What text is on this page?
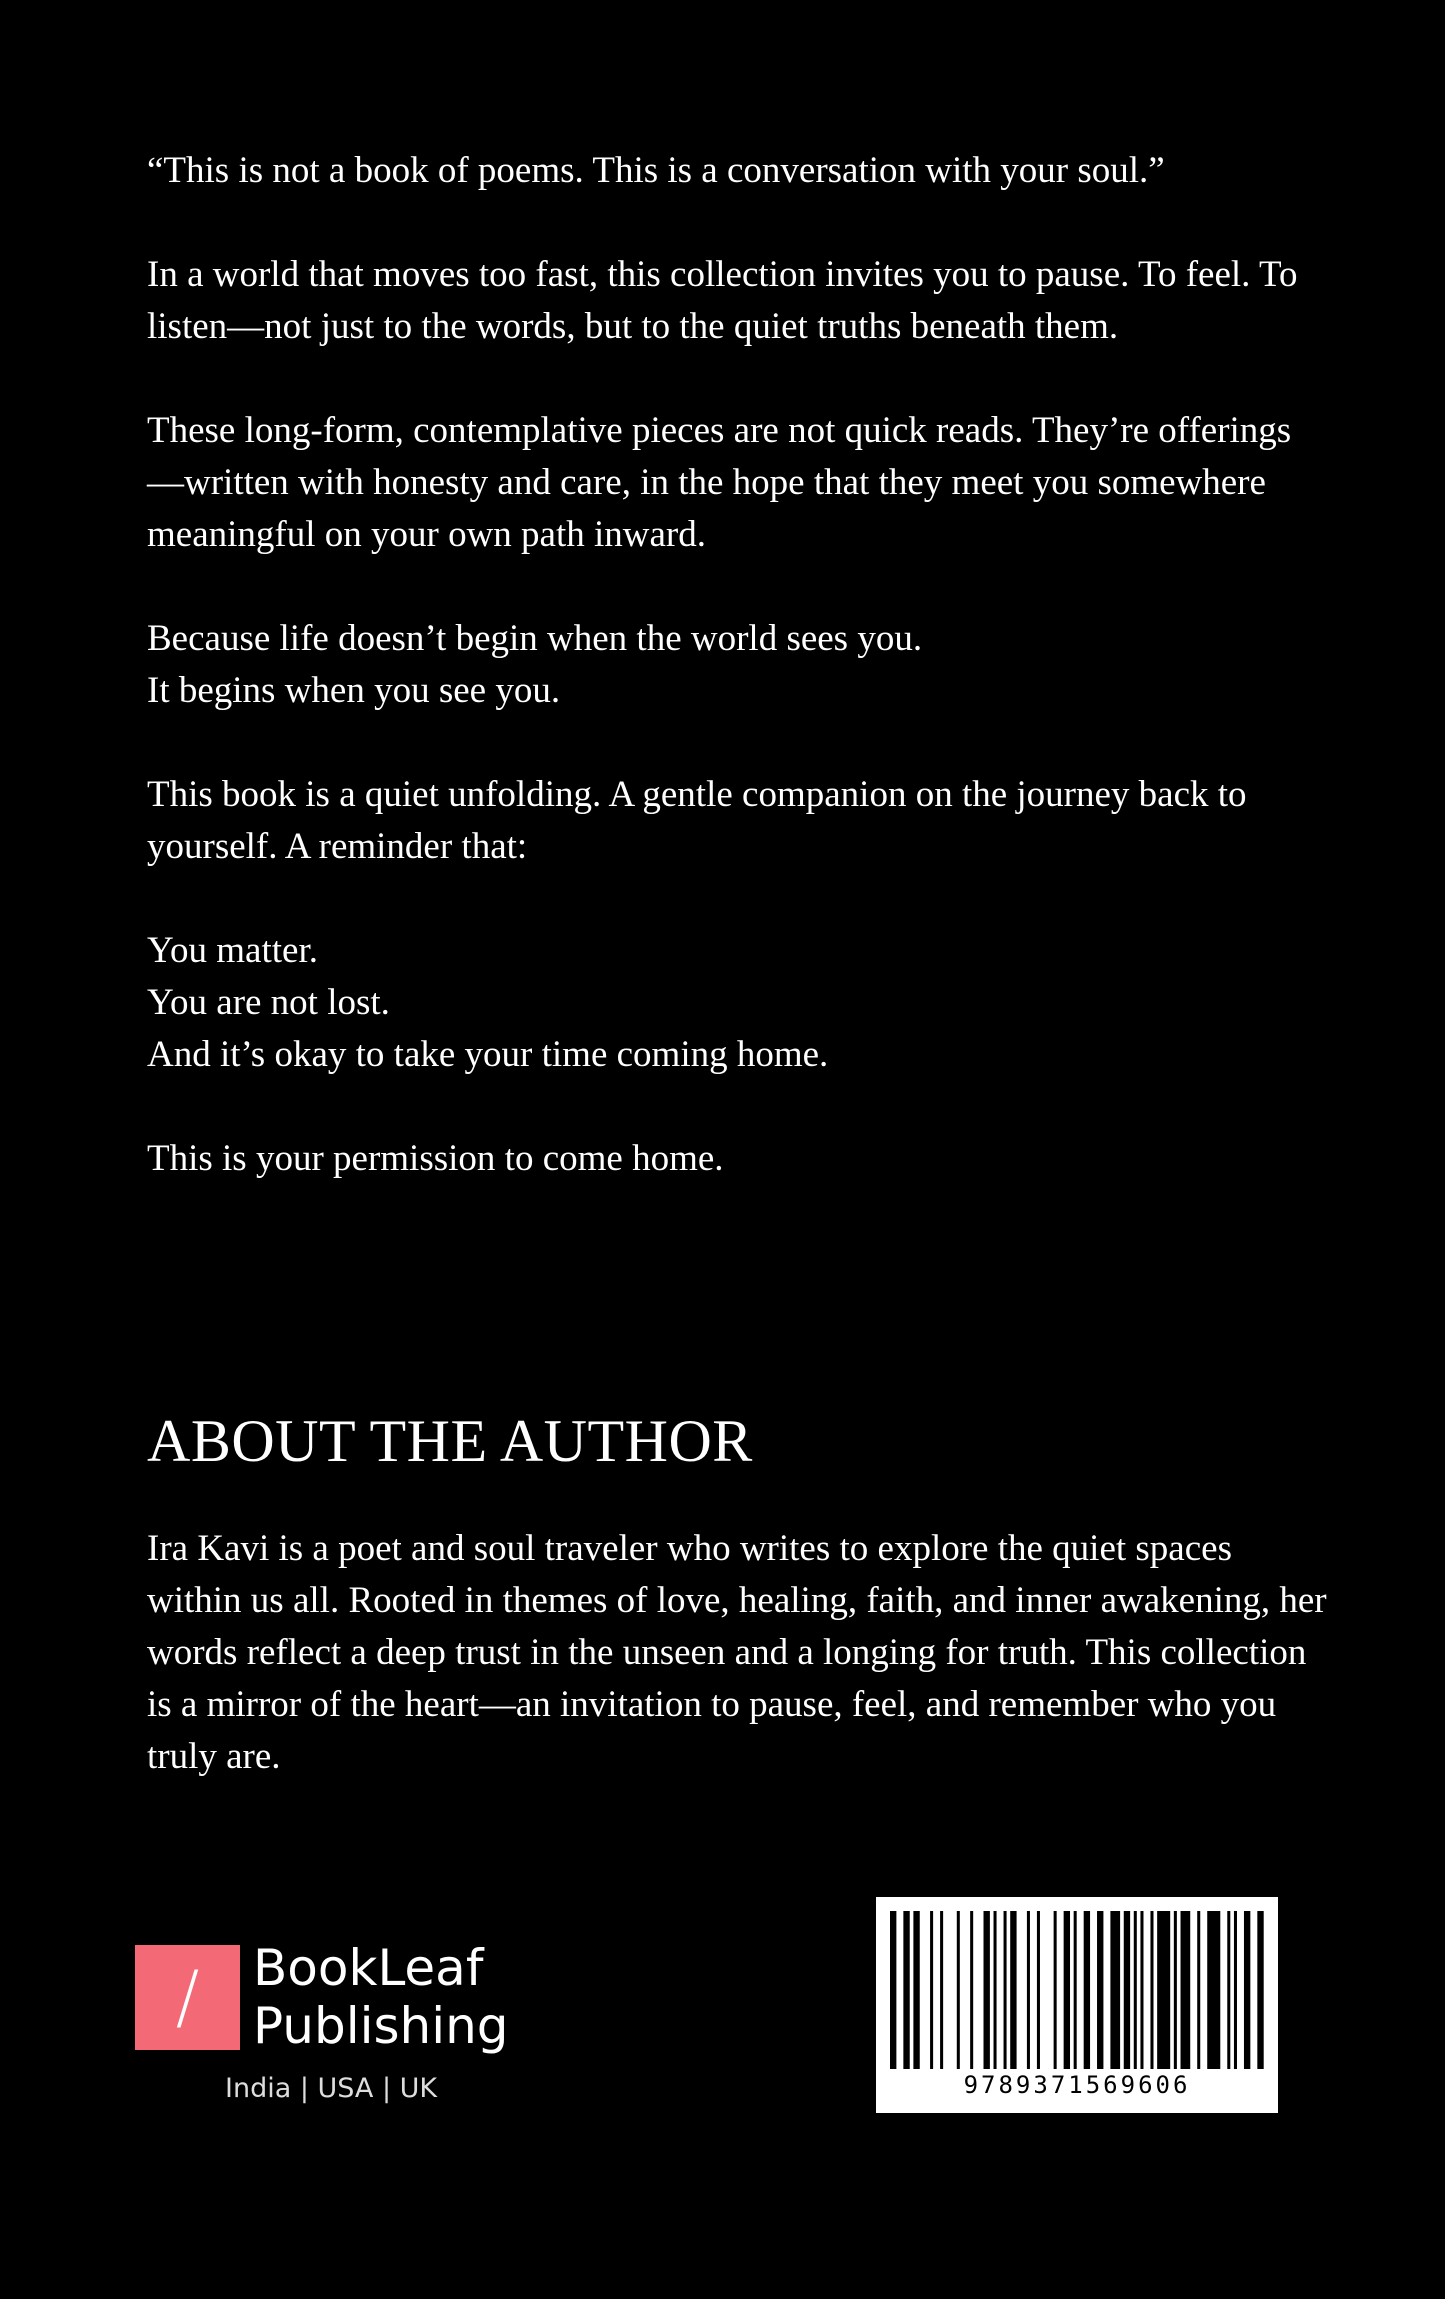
“This is not a book of poems. This is a conversation with your soul.”

In a world that moves too fast, this collection invites you to pause. To feel. To listen—not just to the words, but to the quiet truths beneath them.

These long-form, contemplative pieces are not quick reads. They’re offerings—written with honesty and care, in the hope that they meet you somewhere meaningful on your own path inward.

Because life doesn’t begin when the world sees you.
It begins when you see you.

This book is a quiet unfolding. A gentle companion on the journey back to yourself. A reminder that:

You matter.
You are not lost.
And it’s okay to take your time coming home.

This is your permission to come home.

ABOUT THE AUTHOR

Ira Kavi is a poet and soul traveler who writes to explore the quiet spaces within us all. Rooted in themes of love, healing, faith, and inner awakening, her words reflect a deep trust in the unseen and a longing for truth. This collection is a mirror of the heart—an invitation to pause, feel, and remember who you truly are.

/	BookLeaf
Publishing
India | USA | UK	9789371569606
